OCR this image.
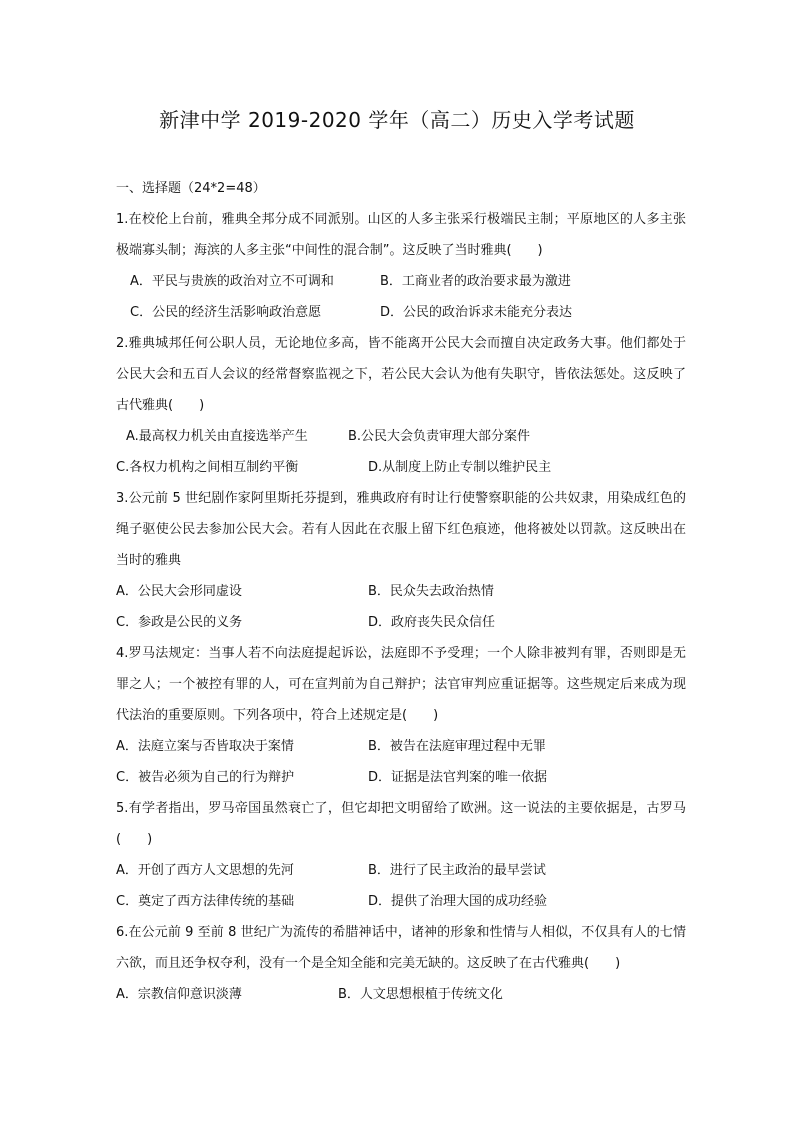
新津中学 2019-2020 学年（高二）历史入学考试题
一、选择题（24*2=48）
1.在校伦上台前，雅典全邦分成不同派别。山区的人多主张采行极端民主制；平原地区的人多主张极端寡头制；海滨的人多主张“中间性的混合制”。这反映了当时雅典(　　)
A．平民与贵族的政治对立不可调和	B．工商业者的政治要求最为激进
C．公民的经济生活影响政治意愿	D．公民的政治诉求未能充分表达
2.雅典城邦任何公职人员，无论地位多高，皆不能离开公民大会而擅自决定政务大事。他们都处于公民大会和五百人会议的经常督察监视之下，若公民大会认为他有失职守，皆依法惩处。这反映了古代雅典(　　)
A.最高权力机关由直接选举产生	B.公民大会负责审理大部分案件
C.各权力机构之间相互制约平衡	D.从制度上防止专制以维护民主
3.公元前 5 世纪剧作家阿里斯托芬提到，雅典政府有时让行使警察职能的公共奴隶，用染成红色的绳子驱使公民去参加公民大会。若有人因此在衣服上留下红色痕迹，他将被处以罚款。这反映出在当时的雅典
A．公民大会形同虚设	B．民众失去政治热情
C．参政是公民的义务	D．政府丧失民众信任
4.罗马法规定：当事人若不向法庭提起诉讼，法庭即不予受理；一个人除非被判有罪，否则即是无罪之人；一个被控有罪的人，可在宣判前为自己辩护；法官审判应重证据等。这些规定后来成为现代法治的重要原则。下列各项中，符合上述规定是(　　)
A．法庭立案与否皆取决于案情	B．被告在法庭审理过程中无罪
C．被告必须为自己的行为辩护	D．证据是法官判案的唯一依据
5.有学者指出，罗马帝国虽然衰亡了，但它却把文明留给了欧洲。这一说法的主要依据是，古罗马(　　)
A．开创了西方人文思想的先河	B．进行了民主政治的最早尝试
C．奠定了西方法律传统的基础	D．提供了治理大国的成功经验
6.在公元前 9 至前 8 世纪广为流传的希腊神话中，诸神的形象和性情与人相似，不仅具有人的七情六欲，而且还争权夺利，没有一个是全知全能和完美无缺的。这反映了在古代雅典(　　)
A．宗教信仰意识淡薄	B．人文思想根植于传统文化
